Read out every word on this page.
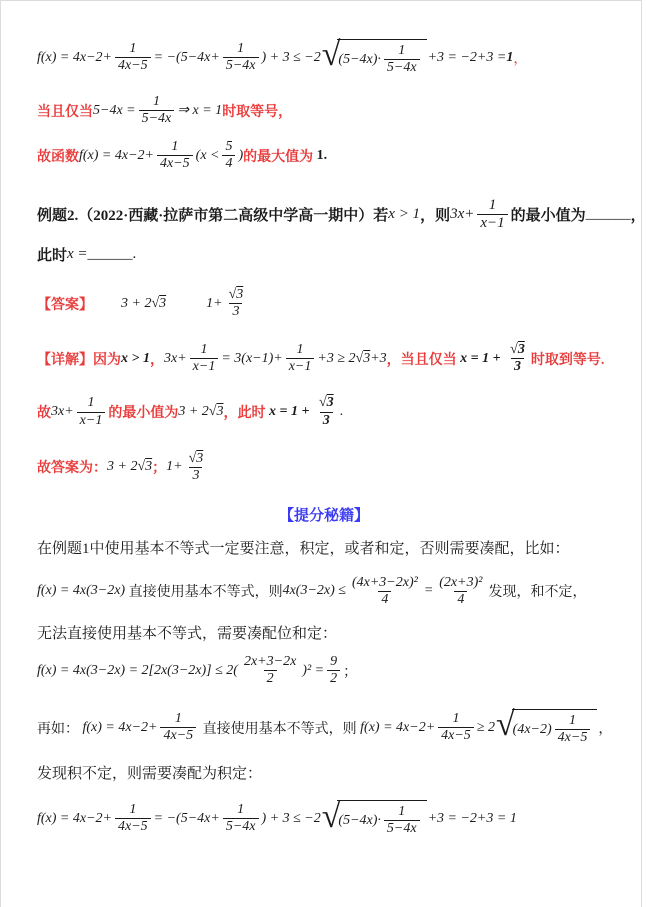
$f(x) = 4x-2+ \frac{1}{4x-5} = -(5-4x+ \frac{1}{5-4x}$ ) + 3 ≤ −2 √
$(5-4x)\cdot \frac{1}{5-4x} +3 = -2+3 = 1$ ，
当且仅当 $5-4x = \frac{1}{5-4x}$ ⇒ x = 1 时取等号，
故函数 $f(x) = 4x-2+ \frac{1}{4x-5} (x < \frac{5}{4}$ ) 的最大值为 1.
例题2.（2022·西藏·拉萨市第二高级中学高一期中） 若 x > 1 ，则 $3x+ \frac{1}{x-1}$ 的最小值为 ______ ，
此时 x = ______ .
【答案】 3 + 2 √ 3	$1+ \frac{√3}{3}$
【详解】 因为 x > 1 ， $3x+ \frac{1}{x-1} = 3(x-1)+ \frac{1}{x-1} +3 \ge 2$ √ 3 +3 ，当且仅当 $x = 1 + \frac{√3}{3}$ 时取到等号.
故 $3x+ \frac{1}{x-1}$ 的最小值为 3 + 2 √ 3 ，此时 $x = 1 + \frac{√3}{3}$ .
故答案为： 3 + 2 √ 3 ； $1+ \frac{√3}{3}$
【提分秘籍】
在例题1中使用基本不等式一定要注意，积定，或者和定，否则需要凑配，比如：
f(x) = 4x(3−2x) 直接使用基本不等式，则 $4x(3-2x) \le \frac{\text{(4x+3−2x)²}}{4} = \frac{\text{(2x+3)²}}{4}$ 发现，和不定，
无法直接使用基本不等式，需要凑配位和定：
$f(x) = 4x(3-2x) = 2[2x(3-2x)] \le 2( \frac{2x+3-2x}{2} )^2 = \frac{9}{2}$ ；
再如： $f(x) = 4x-2+ \frac{1}{4x-5}$ 直接使用基本不等式，则 $f(x) = 4x-2+ \frac{1}{4x-5} \ge 2$ √
$(4x-2) \frac{1}{4x-5}$ ，
发现积不定，则需要凑配为积定：
$f(x) = 4x-2+ \frac{1}{4x-5} = -(5-4x+ \frac{1}{5-4x}$ ) + 3 ≤ −2 √
$(5-4x)\cdot \frac{1}{5-4x} +3 = -2+3 = 1$
